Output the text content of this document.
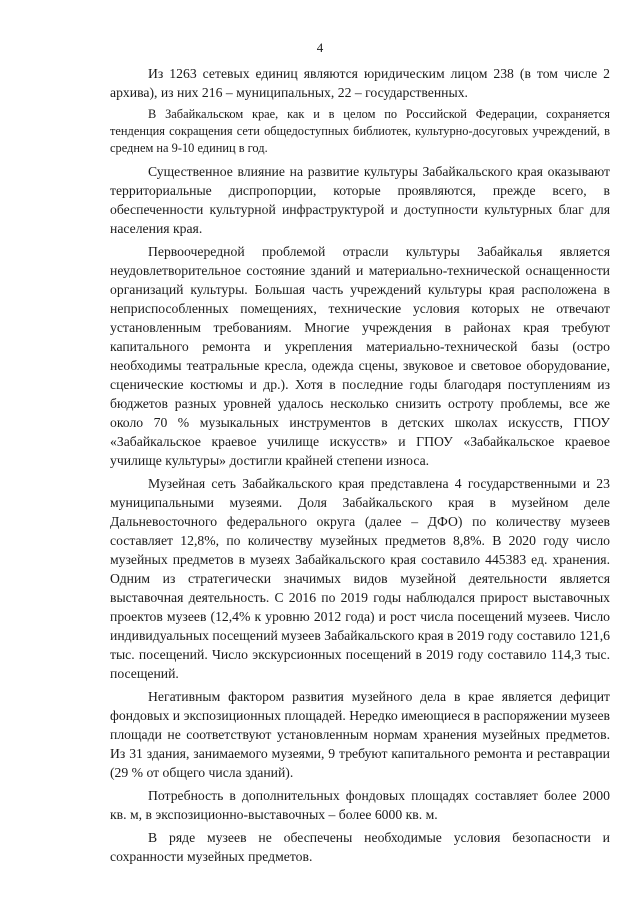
4

Из 1263 сетевых единиц являются юридическим лицом 238 (в том числе 2 архива), из них 216 – муниципальных, 22 – государственных.

В Забайкальском крае, как и в целом по Российской Федерации, сохраняется тенденция сокращения сети общедоступных библиотек, культурно-досуговых учреждений, в среднем на 9-10 единиц в год.

Существенное влияние на развитие культуры Забайкальского края оказывают территориальные диспропорции, которые проявляются, прежде всего, в обеспеченности культурной инфраструктурой и доступности культурных благ для населения края.

Первоочередной проблемой отрасли культуры Забайкалья является неудовлетворительное состояние зданий и материально-технической оснащенности организаций культуры. Большая часть учреждений культуры края расположена в неприспособленных помещениях, технические условия которых не отвечают установленным требованиям. Многие учреждения в районах края требуют капитального ремонта и укрепления материально-технической базы (остро необходимы театральные кресла, одежда сцены, звуковое и световое оборудование, сценические костюмы и др.). Хотя в последние годы благодаря поступлениям из бюджетов разных уровней удалось несколько снизить остроту проблемы, все же около 70 % музыкальных инструментов в детских школах искусств, ГПОУ «Забайкальское краевое училище искусств» и ГПОУ «Забайкальское краевое училище культуры» достигли крайней степени износа.

Музейная сеть Забайкальского края представлена 4 государственными и 23 муниципальными музеями. Доля Забайкальского края в музейном деле Дальневосточного федерального округа (далее – ДФО) по количеству музеев составляет 12,8%, по количеству музейных предметов 8,8%. В 2020 году число музейных предметов в музеях Забайкальского края составило 445383 ед. хранения. Одним из стратегически значимых видов музейной деятельности является выставочная деятельность. С 2016 по 2019 годы наблюдался прирост выставочных проектов музеев (12,4% к уровню 2012 года) и рост числа посещений музеев. Число индивидуальных посещений музеев Забайкальского края в 2019 году составило 121,6 тыс. посещений. Число экскурсионных посещений в 2019 году составило 114,3 тыс. посещений.

Негативным фактором развития музейного дела в крае является дефицит фондовых и экспозиционных площадей. Нередко имеющиеся в распоряжении музеев площади не соответствуют установленным нормам хранения музейных предметов. Из 31 здания, занимаемого музеями, 9 требуют капитального ремонта и реставрации (29 % от общего числа зданий).

Потребность в дополнительных фондовых площадях составляет более 2000 кв. м, в экспозиционно-выставочных – более 6000 кв. м.

В ряде музеев не обеспечены необходимые условия безопасности и сохранности музейных предметов.
